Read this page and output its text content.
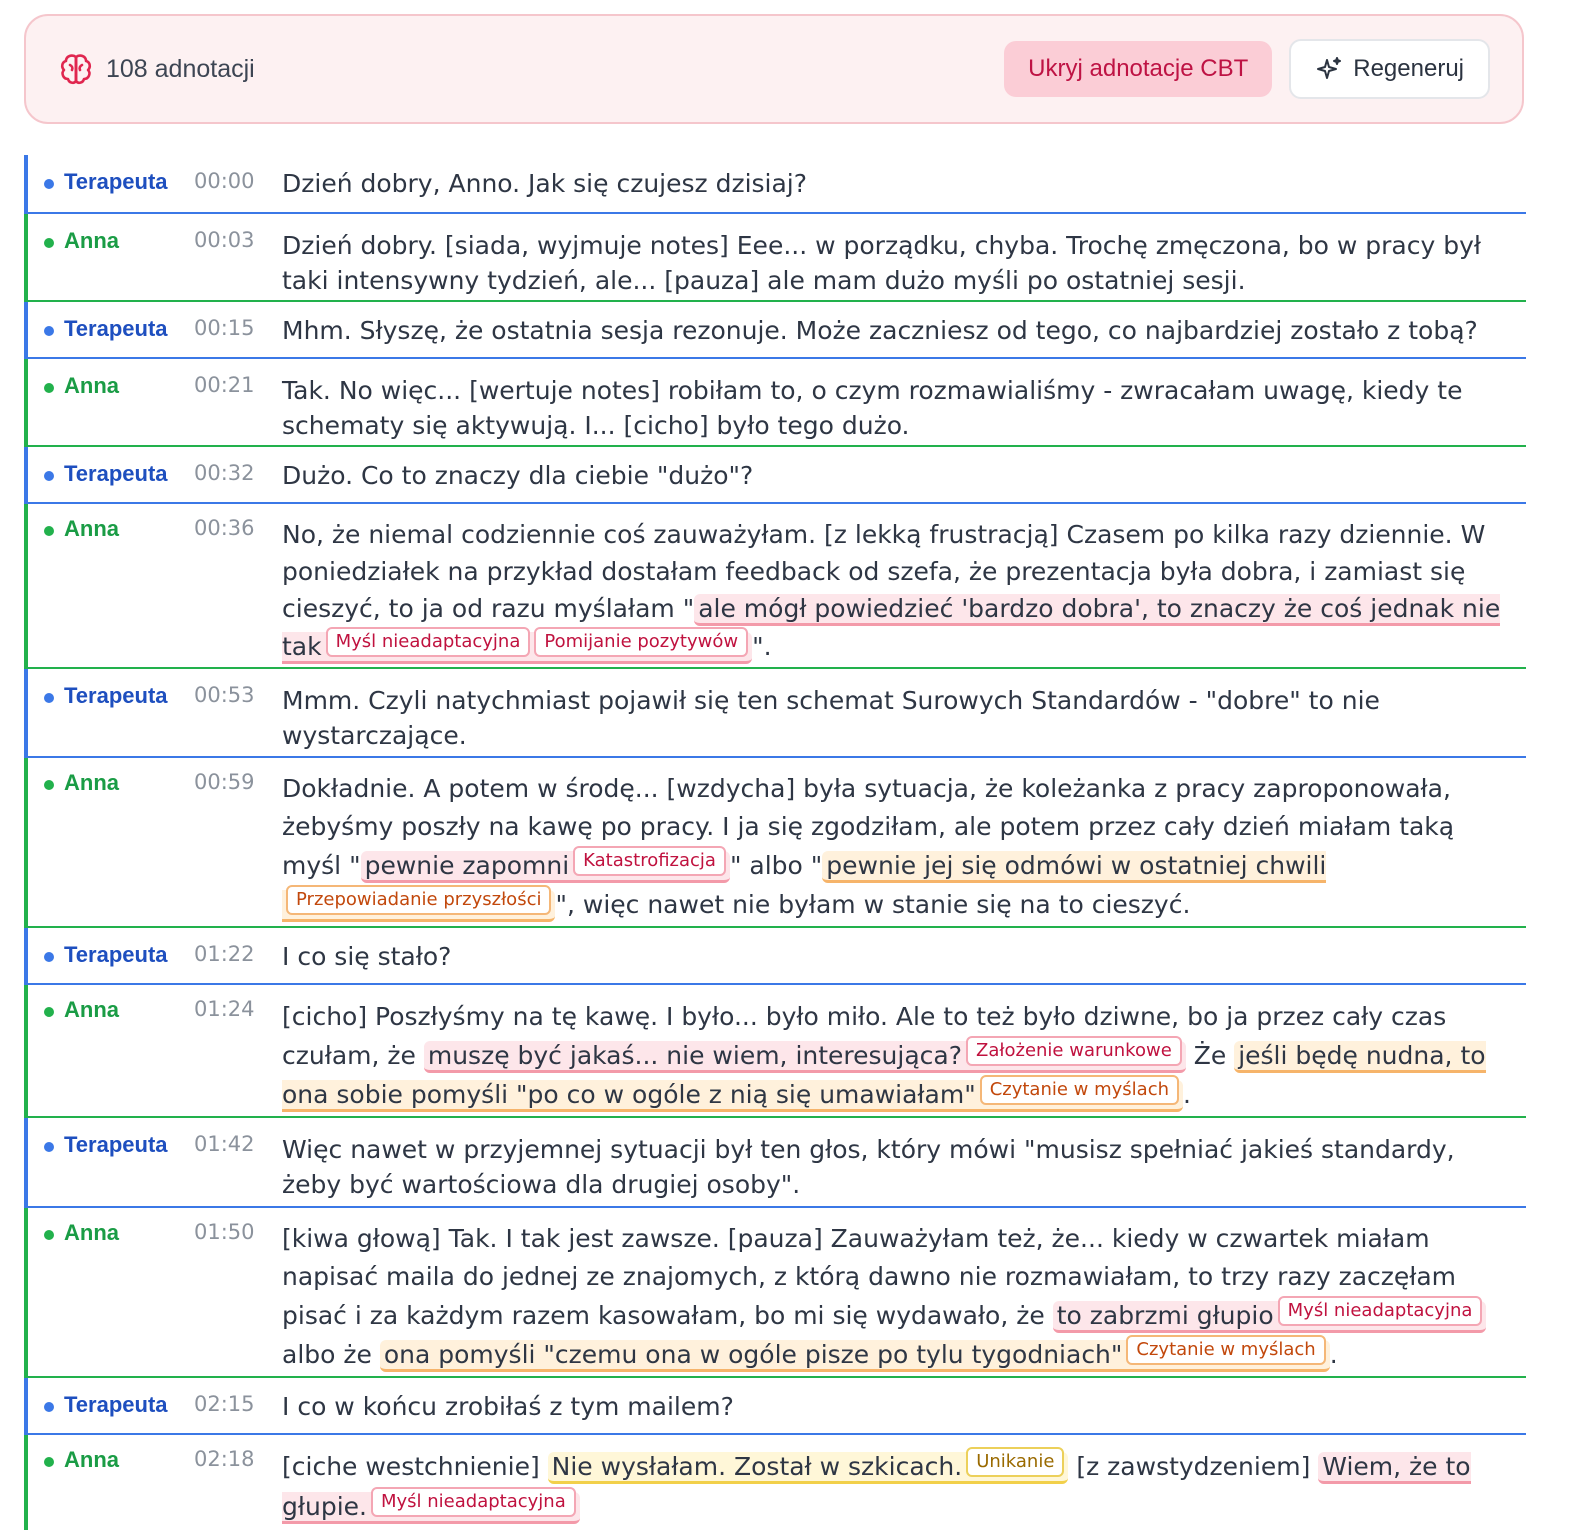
108 adnotacji	Ukryj adnotacje CBT	Regeneruj
Terapeuta 00:00	Dzień dobry, Anno. Jak się czujesz dzisiaj?
Anna	00:03	Dzień dobry. [siada, wyjmuje notes] Eee... w porządku, chyba. Trochę zmęczona, bo w pracy był taki intensywny tydzień, ale... [pauza] ale mam dużo myśli po ostatniej sesji.
Terapeuta 00:15	Mhm. Słyszę, że ostatnia sesja rezonuje. Może zaczniesz od tego, co najbardziej zostało z tobą?
Anna	00:21	Tak. No więc... [wertuje notes] robiłam to, o czym rozmawialiśmy - zwracałam uwagę, kiedy te schematy się aktywują. I... [cicho] było tego dużo.
Terapeuta 00:32	Dużo. Co to znaczy dla ciebie "dużo"?
Anna	00:36	No, że niemal codziennie coś zauważyłam. [z lekką frustracją] Czasem po kilka razy dziennie. W poniedziałek na przykład dostałam feedback od szefa, że prezentacja była dobra, i zamiast się cieszyć, to ja od razu myślałam " ale mógł powiedzieć 'bardzo dobra', to znaczy że coś jednak nie tak Myśl nieadaptacyjna Pomijanie pozytywów ".
Terapeuta 00:53	Mmm. Czyli natychmiast pojawił się ten schemat Surowych Standardów - "dobre" to nie wystarczające.
Anna	00:59	Dokładnie. A potem w środę... [wzdycha] była sytuacja, że koleżanka z pracy zaproponowała, żebyśmy poszły na kawę po pracy. I ja się zgodziłam, ale potem przez cały dzień miałam taką myśl " pewnie zapomni Katastrofizacja " albo " pewnie jej się odmówi w ostatniej chwiliPrzepowiadanie przyszłości ", więc nawet nie byłam w stanie się na to cieszyć.
Terapeuta 01:22	I co się stało?
Anna	01:24	[cicho] Poszłyśmy na tę kawę. I było... było miło. Ale to też było dziwne, bo ja przez cały czas czułam, że muszę być jakaś... nie wiem, interesująca? Założenie warunkowe Że jeśli będę nudna, to ona sobie pomyśli "po co w ogóle z nią się umawiałam" Czytanie w myślach .
Terapeuta 01:42	Więc nawet w przyjemnej sytuacji był ten głos, który mówi "musisz spełniać jakieś standardy, żeby być wartościowa dla drugiej osoby".
Anna	01:50	[kiwa głową] Tak. I tak jest zawsze. [pauza] Zauważyłam też, że... kiedy w czwartek miałam napisać maila do jednej ze znajomych, z którą dawno nie rozmawiałam, to trzy razy zaczęłam pisać i za każdym razem kasowałam, bo mi się wydawało, że to zabrzmi głupio Myśl nieadaptacyjna albo że ona pomyśli "czemu ona w ogóle pisze po tylu tygodniach" Czytanie w myślach .
Terapeuta 02:15	I co w końcu zrobiłaś z tym mailem?
Anna	02:18	[ciche westchnienie] Nie wysłałam. Został w szkicach. Unikanie [z zawstydzeniem] Wiem, że to głupie. Myśl nieadaptacyjna
